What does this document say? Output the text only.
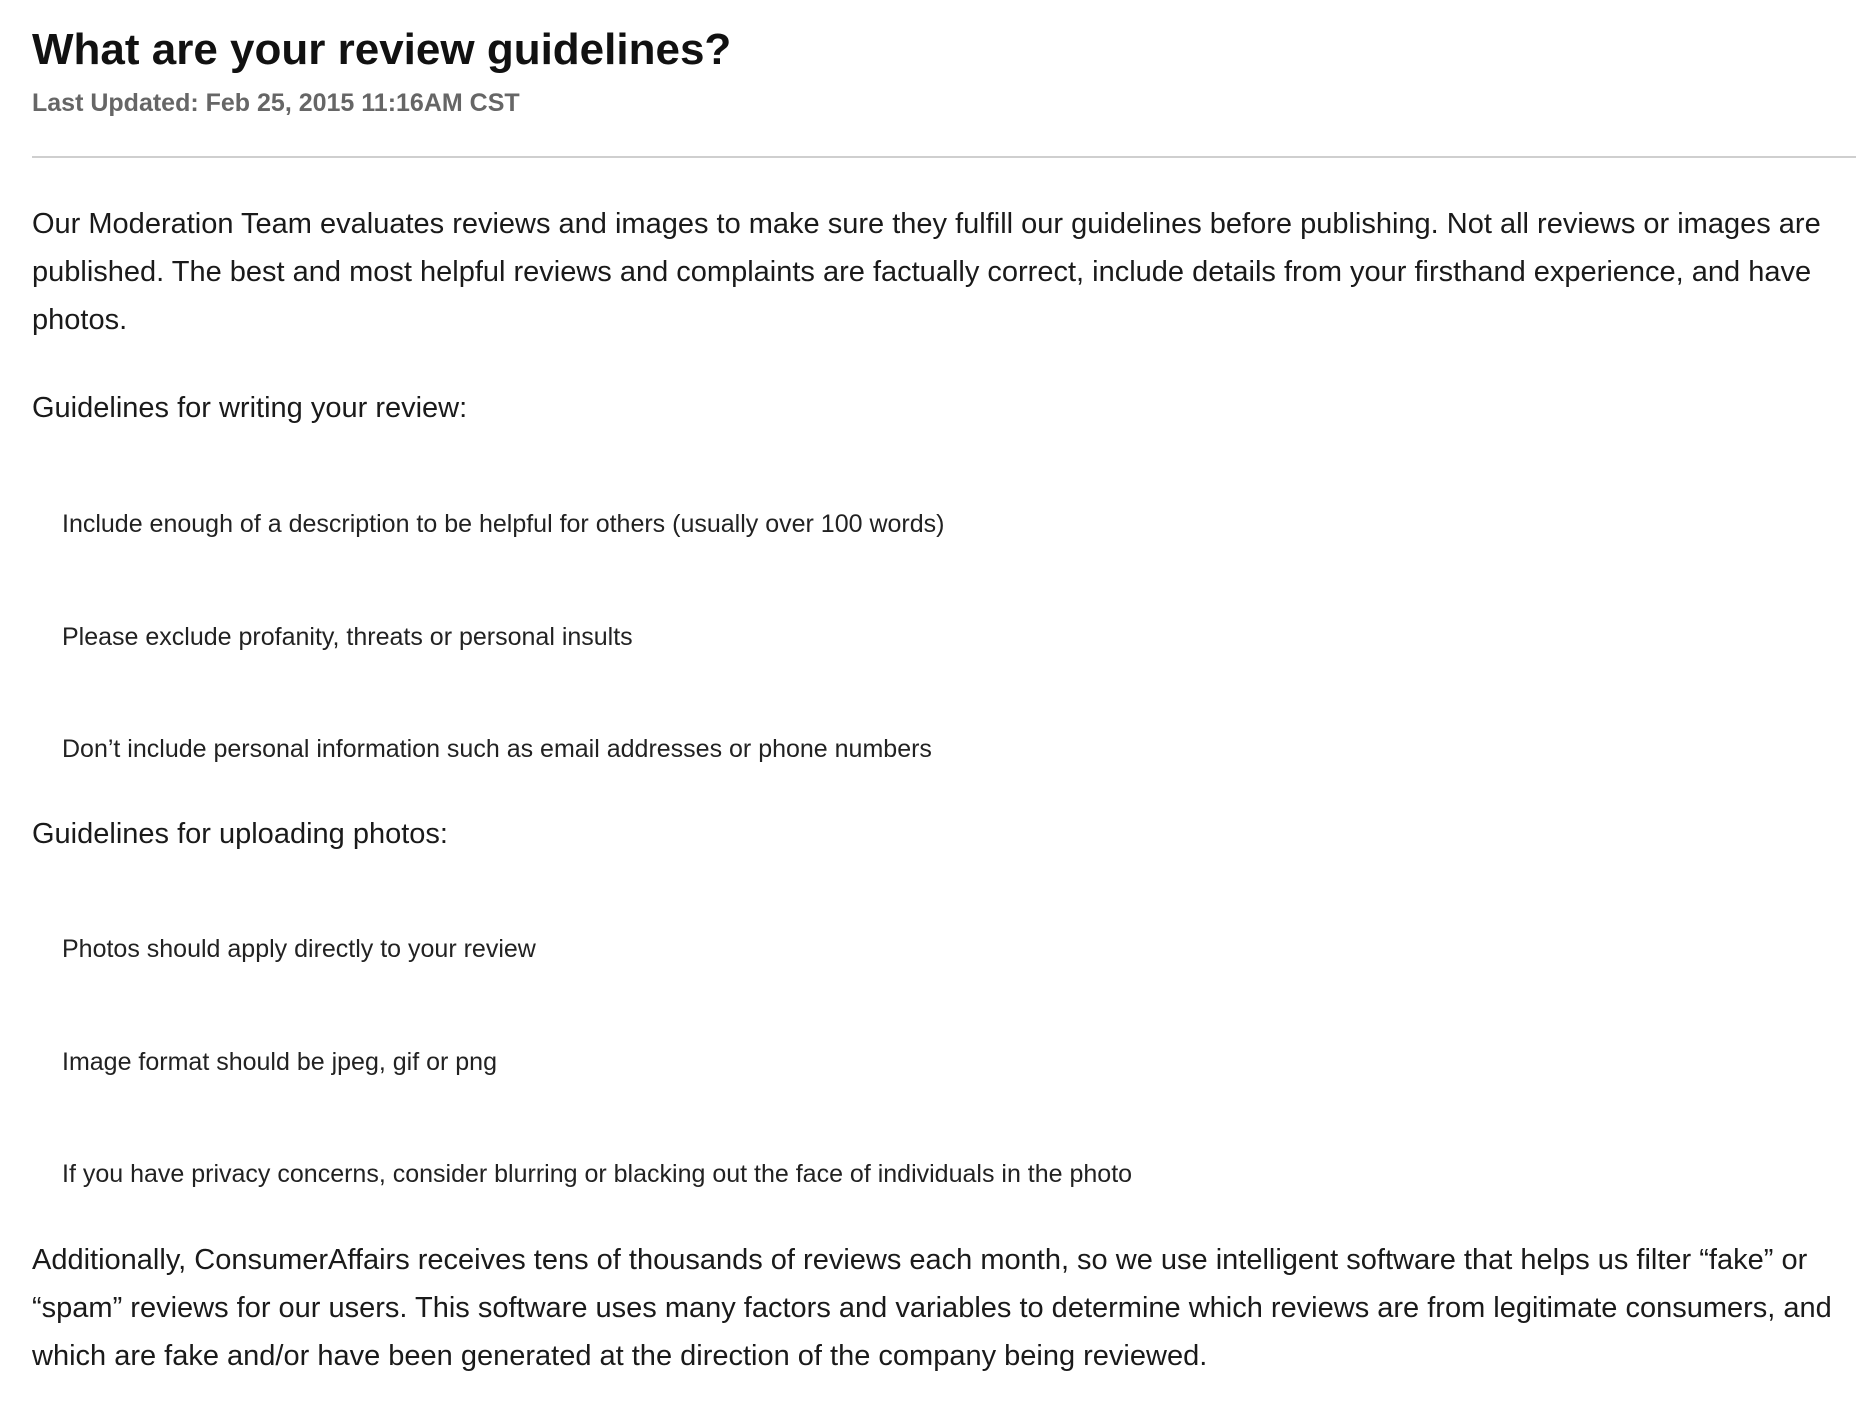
What are your review guidelines?
Last Updated: Feb 25, 2015 11:16AM CST

Our Moderation Team evaluates reviews and images to make sure they fulfill our guidelines before publishing. Not all reviews or images are published. The best and most helpful reviews and complaints are factually correct, include details from your firsthand experience, and have photos.

Guidelines for writing your review:
Include enough of a description to be helpful for others (usually over 100 words)
Please exclude profanity, threats or personal insults
Don’t include personal information such as email addresses or phone numbers
Guidelines for uploading photos:
Photos should apply directly to your review
Image format should be jpeg, gif or png
If you have privacy concerns, consider blurring or blacking out the face of individuals in the photo

Additionally, ConsumerAffairs receives tens of thousands of reviews each month, so we use intelligent software that helps us filter “fake” or “spam” reviews for our users. This software uses many factors and variables to determine which reviews are from legitimate consumers, and which are fake and/or have been generated at the direction of the company being reviewed.
